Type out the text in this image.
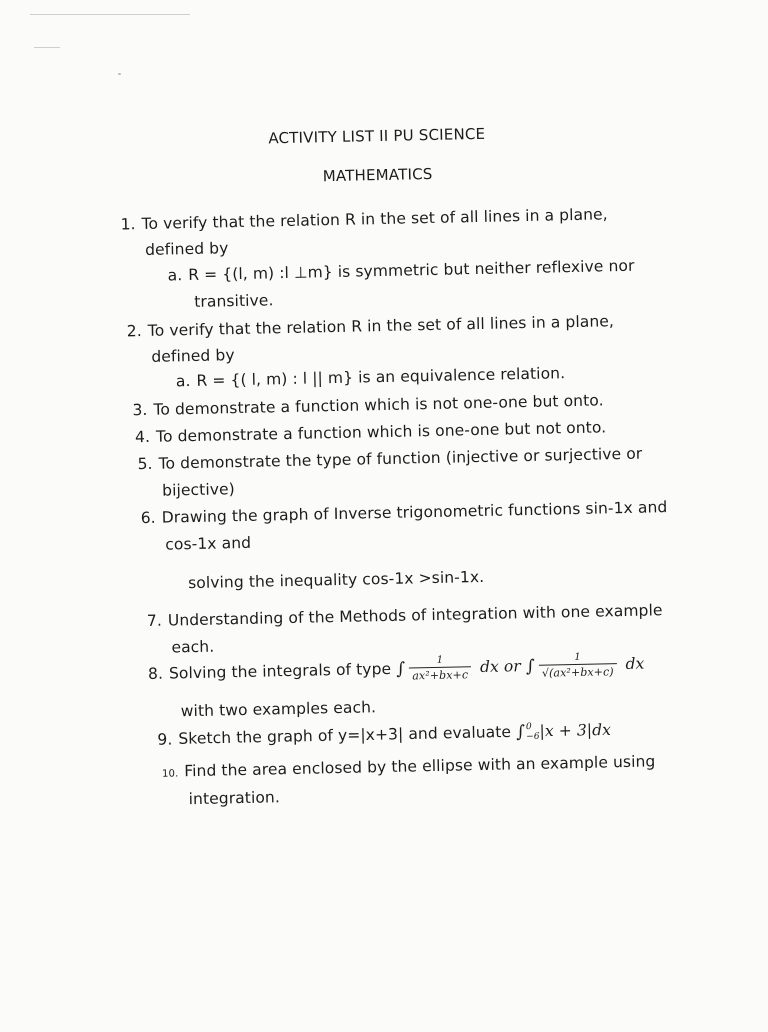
ACTIVITY LIST II PU SCIENCE
MATHEMATICS
1. To verify that the relation R in the set of all lines in a plane,
defined by
a. R = {(l, m) :l ⊥m} is symmetric but neither reflexive nor
transitive.
2. To verify that the relation R in the set of all lines in a plane,
defined by
a. R = {( l, m) : l || m} is an equivalence relation.
3. To demonstrate a function which is not one-one but onto.
4. To demonstrate a function which is one-one but not onto.
5. To demonstrate the type of function (injective or surjective or
bijective)
6. Drawing the graph of Inverse trigonometric functions sin-1x and
cos-1x and
solving the inequality cos-1x >sin-1x.
7. Understanding of the Methods of integration with one example
each.
8. Solving the integrals of type ∫ $\frac{1}{\text{ax²+bx+c}}$ dx or ∫ $\frac{1}{\text{√(ax²+bx+c)}}$ dx
with two examples each.
9. Sketch the graph of y=|x+3| and evaluate ∫ 0
−6 |x + 3|dx
10. Find the area enclosed by the ellipse with an example using
integration.
